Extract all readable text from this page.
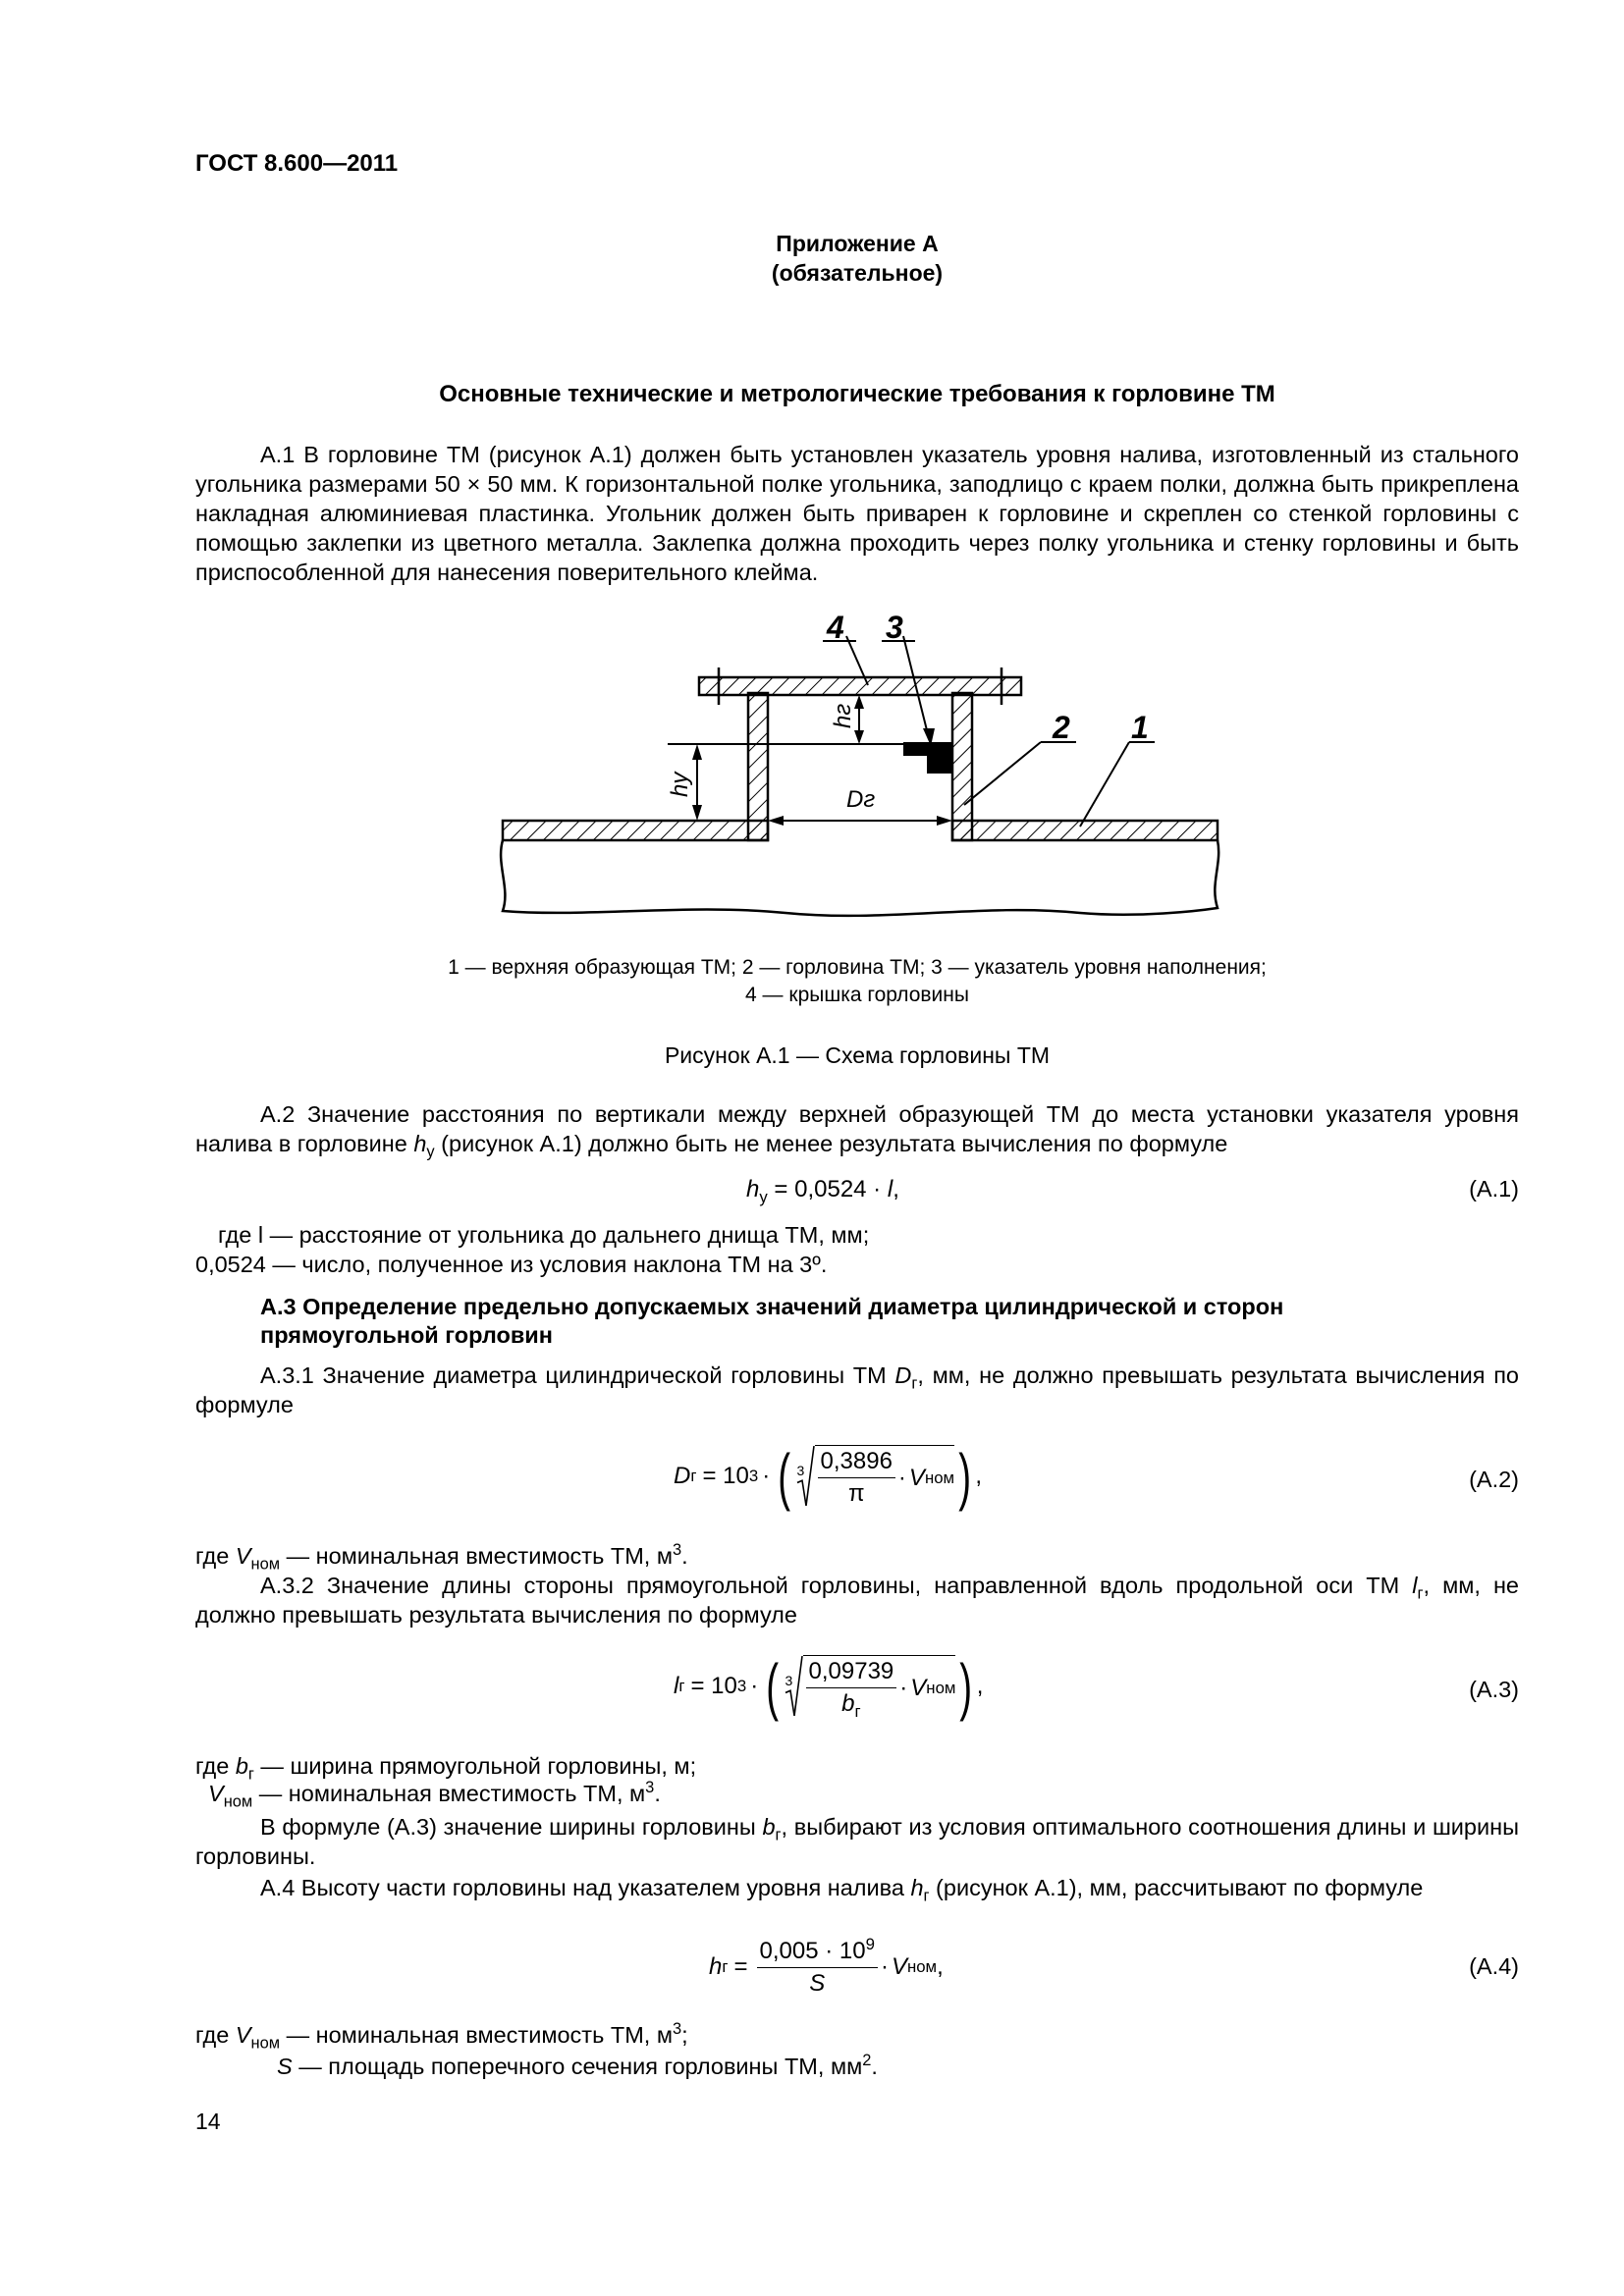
ГОСТ 8.600—2011
Приложение А
(обязательное)
Основные технические и метрологические требования к горловине ТМ
А.1 В горловине ТМ (рисунок А.1) должен быть установлен указатель уровня налива, изготовленный из стального угольника размерами 50 × 50 мм. К горизонтальной полке угольника, заподлицо с краем полки, должна быть прикреплена накладная алюминиевая пластинка. Угольник должен быть приварен к горловине и скреплен со стенкой горловины с помощью заклепки из цветного металла. Заклепка должна проходить через полку угольника и стенку горловины и быть приспособленной для нанесения поверительного клейма.
4 3
2 1
hу
hг
Dг
1 — верхняя образующая ТМ; 2 — горловина ТМ; 3 — указатель уровня наполнения;
4 — крышка горловины
Рисунок А.1 — Схема горловины ТМ
А.2 Значение расстояния по вертикали между верхней образующей ТМ до места установки указателя уровня налива в горловине $h_у$ (рисунок А.1) должно быть не менее результата вычисления по формуле
$h_у = 0,0524 \cdot l$,	(А.1)
где l — расстояние от угольника до дальнего днища ТМ, мм;
0,0524 — число, полученное из условия наклона ТМ на 3º.
А.3 Определение предельно допускаемых значений диаметра цилиндрической и сторон
прямоугольной горловин
А.3.1 Значение диаметра цилиндрической горловины ТМ $D_г$, мм, не должно превышать результата вычисления по формуле
D г = 10 3 · ( $3 \frac{0,3896}{\pi} \cdot V$ ном ) ,	(А.2)
где $V_{ном}$ — номинальная вместимость ТМ, $м^3$.
А.3.2 Значение длины стороны прямоугольной горловины, направленной вдоль продольной оси ТМ $l_г$, мм, не должно превышать результата вычисления по формуле
l г = 10 3 · ( $3 \frac{0,09739}{b_г} \cdot V$ ном ) ,	(А.3)
где $b_г$ — ширина прямоугольной горловины, м;
$V_{ном}$ — номинальная вместимость ТМ, $м^3$.
В формуле (А.3) значение ширины горловины $b_г$, выбирают из условия оптимального соотношения длины и ширины горловины.
А.4 Высоту части горловины над указателем уровня налива $h_г$ (рисунок А.1), мм, рассчитывают по формуле
h $г = \frac{0,005 \cdot 10^9}{S} \cdot V$ ном ,	(А.4)
где $V_{ном}$ — номинальная вместимость ТМ, $м^3$;
S — площадь поперечного сечения горловины ТМ, $мм^2$.
14
